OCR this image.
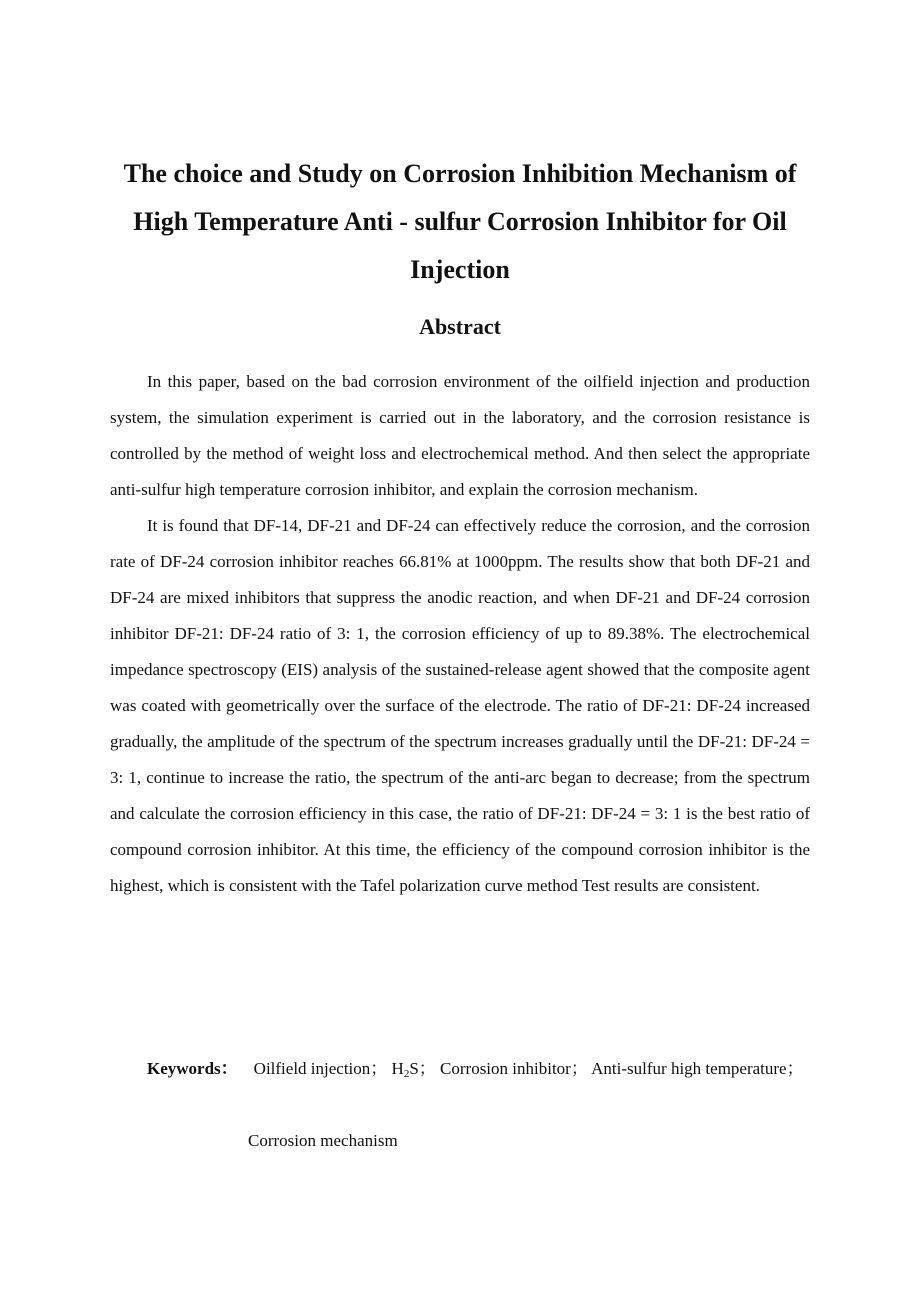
The choice and Study on Corrosion Inhibition Mechanism of High Temperature Anti - sulfur Corrosion Inhibitor for Oil Injection
Abstract

In this paper, based on the bad corrosion environment of the oilfield injection and production system, the simulation experiment is carried out in the laboratory, and the corrosion resistance is controlled by the method of weight loss and electrochemical method. And then select the appropriate anti-sulfur high temperature corrosion inhibitor, and explain the corrosion mechanism.

It is found that DF-14, DF-21 and DF-24 can effectively reduce the corrosion, and the corrosion rate of DF-24 corrosion inhibitor reaches 66.81% at 1000ppm. The results show that both DF-21 and DF-24 are mixed inhibitors that suppress the anodic reaction, and when DF-21 and DF-24 corrosion inhibitor DF-21: DF-24 ratio of 3: 1, the corrosion efficiency of up to 89.38%. The electrochemical impedance spectroscopy (EIS) analysis of the sustained-release agent showed that the composite agent was coated with geometrically over the surface of the electrode. The ratio of DF-21: DF-24 increased gradually, the amplitude of the spectrum of the spectrum increases gradually until the DF-21: DF-24 = 3: 1, continue to increase the ratio, the spectrum of the anti-arc began to decrease; from the spectrum and calculate the corrosion efficiency in this case, the ratio of DF-21: DF-24 = 3: 1 is the best ratio of compound corrosion inhibitor. At this time, the efficiency of the compound corrosion inhibitor is the highest, which is consistent with the Tafel polarization curve method Test results are consistent.

Keywords： Oilfield injection； $H_2S$； Corrosion inhibitor； Anti-sulfur high temperature；

Corrosion mechanism
